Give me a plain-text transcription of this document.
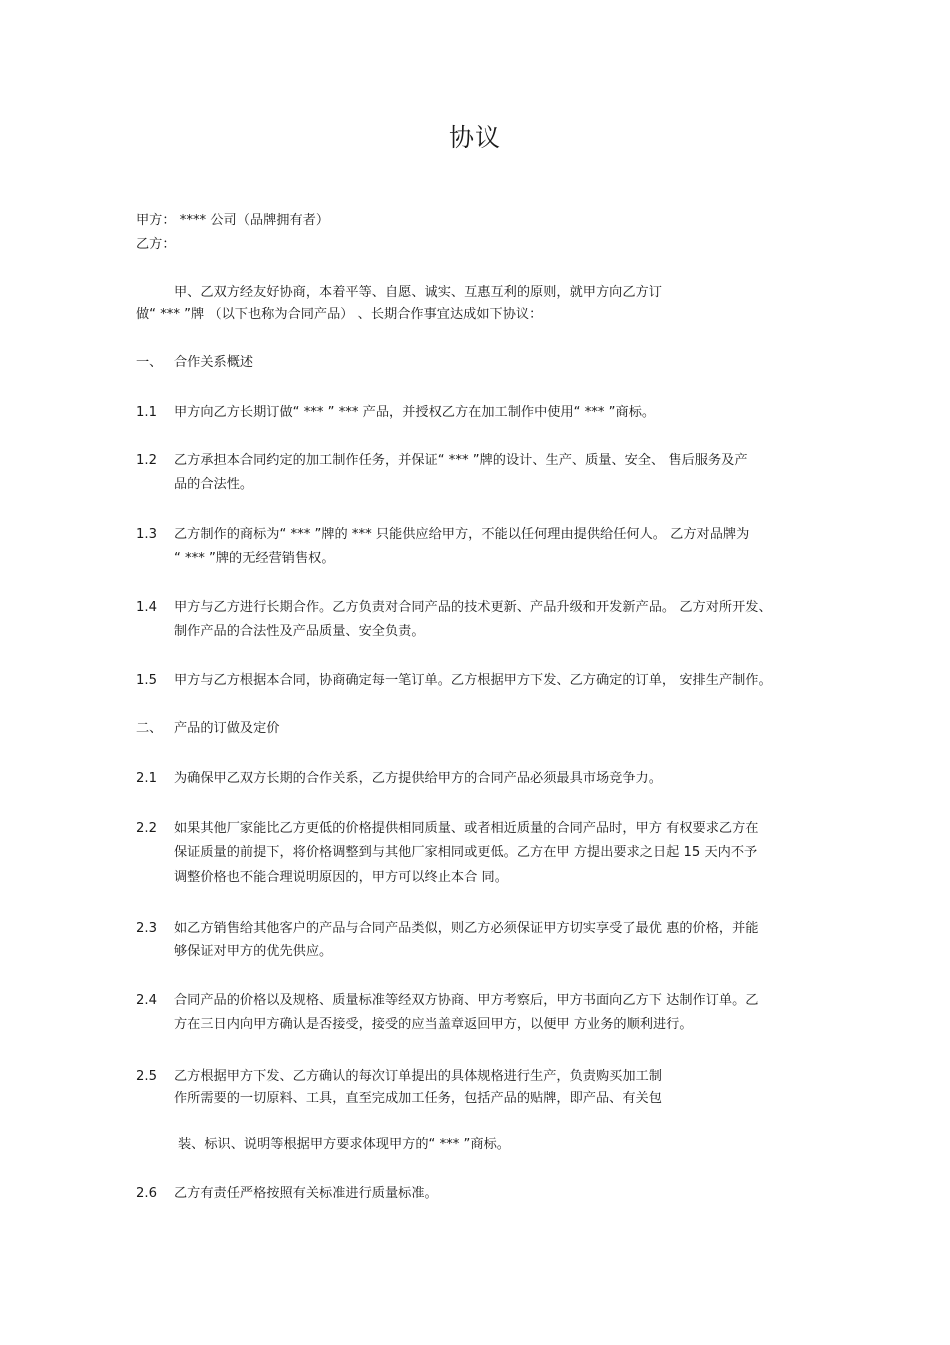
协议
甲方： **** 公司（品牌拥有者）
乙方：
甲、乙双方经友好协商，本着平等、自愿、诚实、互惠互利的原则，就甲方向乙方订
做“ *** ”牌 （以下也称为合同产品） 、长期合作事宜达成如下协议：
一、 合作关系概述
1.1 甲方向乙方长期订做“ *** ” *** 产品，并授权乙方在加工制作中使用“ *** ”商标。
1.2 乙方承担本合同约定的加工制作任务，并保证“ *** ”牌的设计、生产、质量、安全、 售后服务及产
品的合法性。
1.3 乙方制作的商标为“ *** ”牌的 *** 只能供应给甲方，不能以任何理由提供给任何人。 乙方对品牌为
“ *** ”牌的无经营销售权。
1.4 甲方与乙方进行长期合作。乙方负责对合同产品的技术更新、产品升级和开发新产品。 乙方对所开发、
制作产品的合法性及产品质量、安全负责。
1.5 甲方与乙方根据本合同，协商确定每一笔订单。乙方根据甲方下发、乙方确定的订单， 安排生产制作。
二、 产品的订做及定价
2.1 为确保甲乙双方长期的合作关系，乙方提供给甲方的合同产品必须最具市场竞争力。
2.2 如果其他厂家能比乙方更低的价格提供相同质量、或者相近质量的合同产品时，甲方 有权要求乙方在
保证质量的前提下，将价格调整到与其他厂家相同或更低。乙方在甲 方提出要求之日起 15 天内不予
调整价格也不能合理说明原因的，甲方可以终止本合 同。
2.3 如乙方销售给其他客户的产品与合同产品类似，则乙方必须保证甲方切实享受了最优 惠的价格，并能
够保证对甲方的优先供应。
2.4 合同产品的价格以及规格、质量标准等经双方协商、甲方考察后，甲方书面向乙方下 达制作订单。乙
方在三日内向甲方确认是否接受，接受的应当盖章返回甲方，以便甲 方业务的顺利进行。
2.5 乙方根据甲方下发、乙方确认的每次订单提出的具体规格进行生产，负责购买加工制
作所需要的一切原料、工具，直至完成加工任务，包括产品的贴牌，即产品、有关包
装、标识、说明等根据甲方要求体现甲方的“ *** ”商标。
2.6 乙方有责任严格按照有关标准进行质量标准。
